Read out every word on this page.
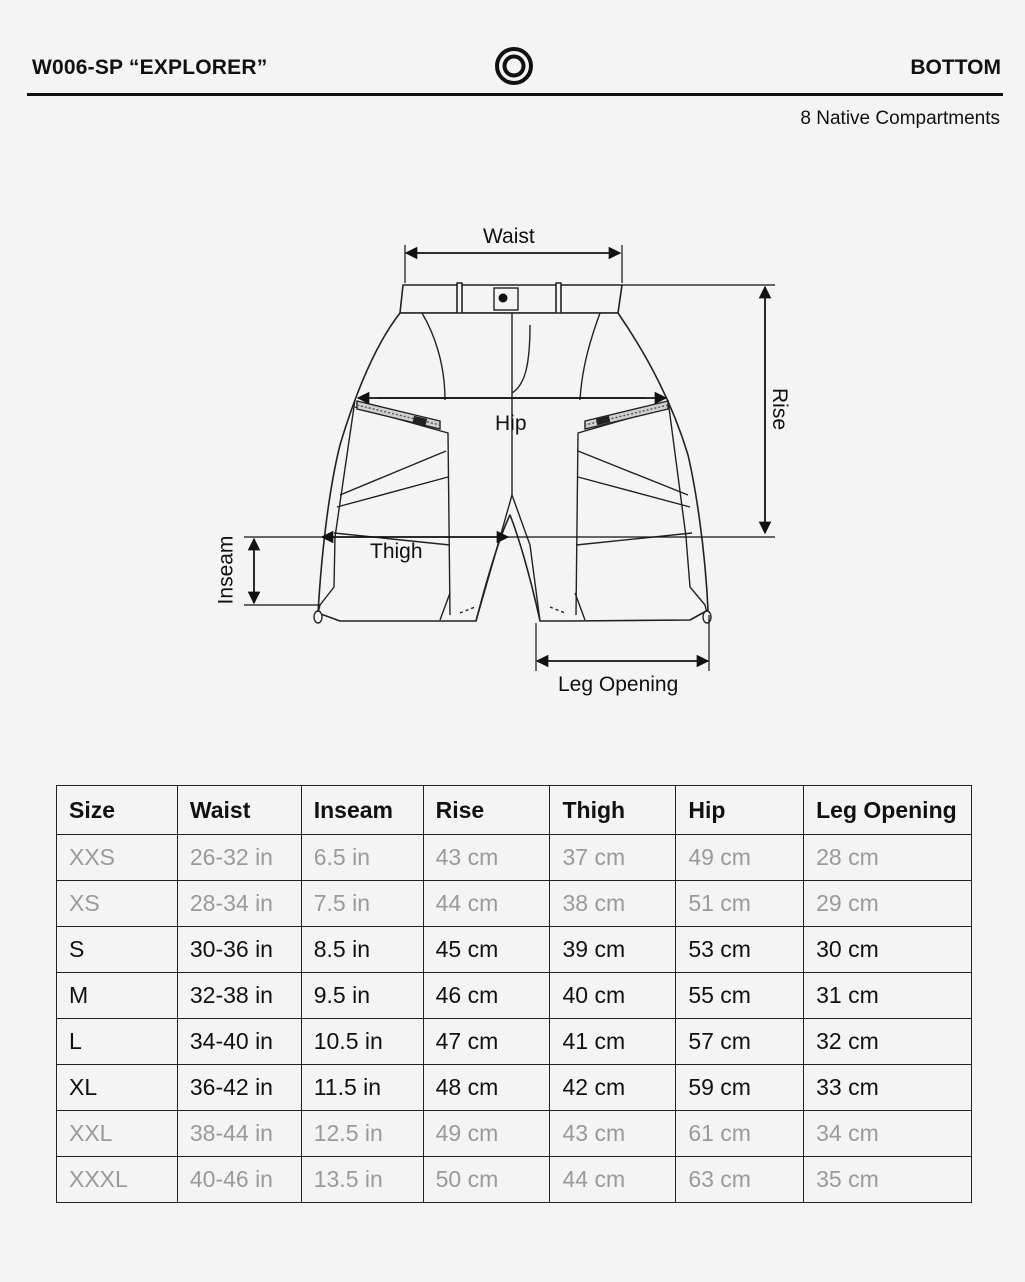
W006-SP “EXPLORER”	BOTTOM
8 Native Compartments
Waist
Hip	Rise
Thigh
Inseam
Leg Opening
Size	Waist	Inseam	Rise	Thigh	Hip	Leg Opening
XXS	26-32 in	6.5 in	43 cm	37 cm	49 cm	28 cm
XS	28-34 in	7.5 in	44 cm	38 cm	51 cm	29 cm
S	30-36 in	8.5 in	45 cm	39 cm	53 cm	30 cm
M	32-38 in	9.5 in	46 cm	40 cm	55 cm	31 cm
L	34-40 in	10.5 in	47 cm	41 cm	57 cm	32 cm
XL	36-42 in	11.5 in	48 cm	42 cm	59 cm	33 cm
XXL	38-44 in	12.5 in	49 cm	43 cm	61 cm	34 cm
XXXL	40-46 in	13.5 in	50 cm	44 cm	63 cm	35 cm
